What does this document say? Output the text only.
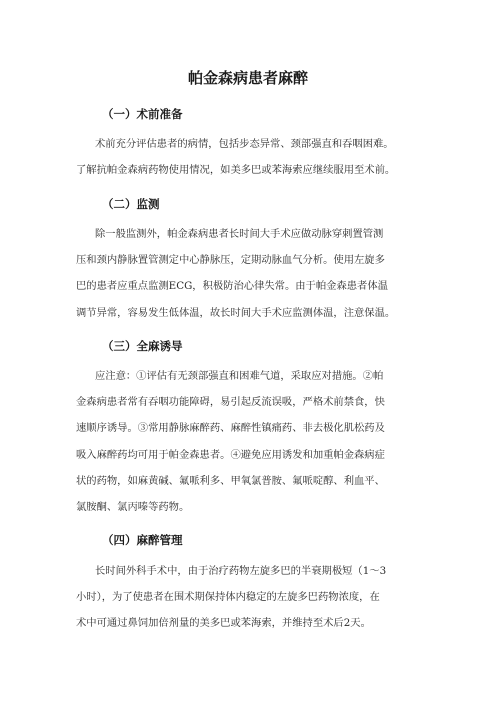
帕金森病患者麻醉
（一）术前准备
术前充分评估患者的病情，包括步态异常、颈部强直和吞咽困难。
了解抗帕金森病药物使用情况，如美多巴或苯海索应继续服用至术前。
（二）监测
除一般监测外，帕金森病患者长时间大手术应做动脉穿刺置管测
压和颈内静脉置管测定中心静脉压，定期动脉血气分析。使用左旋多
巴的患者应重点监测ECG，积极防治心律失常。由于帕金森患者体温
调节异常，容易发生低体温，故长时间大手术应监测体温，注意保温。
（三）全麻诱导
应注意：①评估有无颈部强直和困难气道，采取应对措施。②帕
金森病患者常有吞咽功能障碍，易引起反流误吸，严格术前禁食，快
速顺序诱导。③常用静脉麻醉药、麻醉性镇痛药、非去极化肌松药及
吸入麻醉药均可用于帕金森患者。④避免应用诱发和加重帕金森病症
状的药物，如麻黄碱、氟哌利多、甲氧氯普胺、氟哌啶醇、利血平、
氯胺酮、氯丙嗪等药物。
（四）麻醉管理
长时间外科手术中，由于治疗药物左旋多巴的半衰期极短（1～3
小时），为了使患者在围术期保持体内稳定的左旋多巴药物浓度，在
术中可通过鼻饲加倍剂量的美多巴或苯海索，并维持至术后2天。
